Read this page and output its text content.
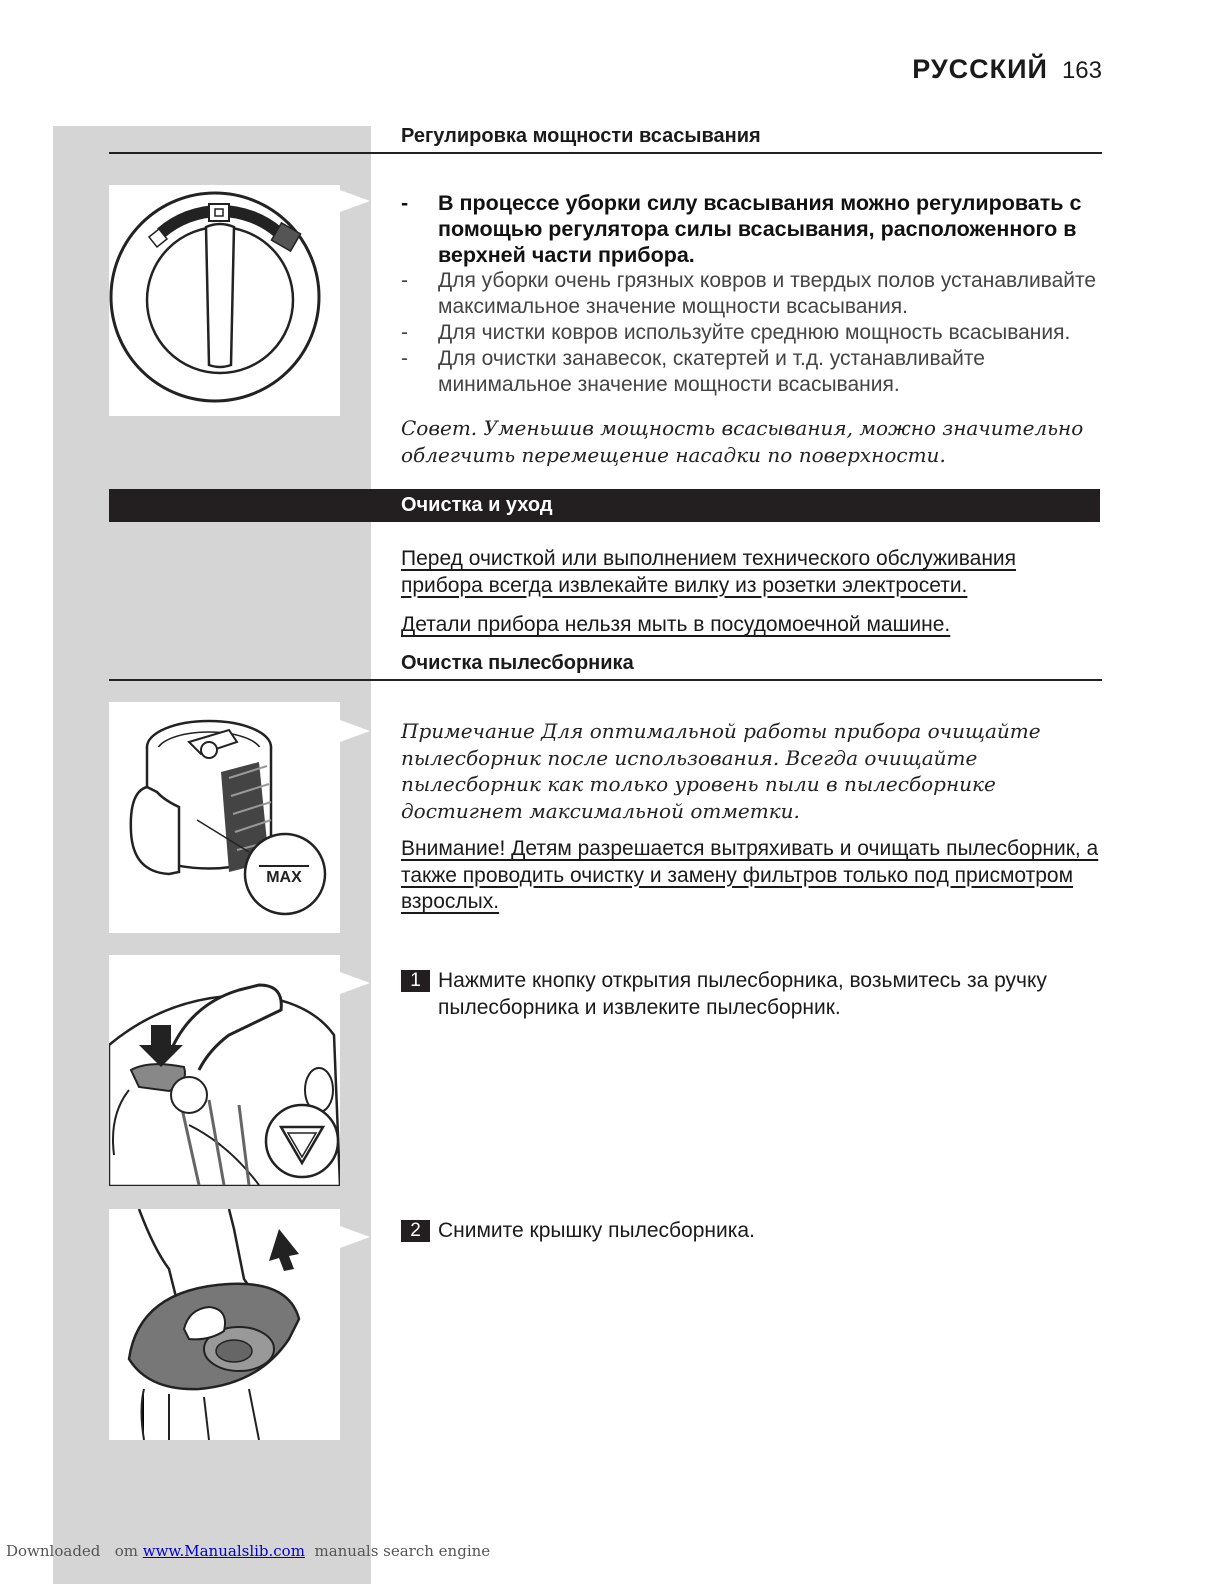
РУССКИЙ 163
Регулировка мощности всасывания
-	В процессе уборки силу всасывания можно регулировать с помощью регулятора силы всасывания, расположенного в верхней части прибора.
-	Для уборки очень грязных ковров и твердых полов устанавливайте максимальное значение мощности всасывания.
-	Для чистки ковров используйте среднюю мощность всасывания.
-	Для очистки занавесок, скатертей и т.д. устанавливайте минимальное значение мощности всасывания.
Совет. Уменьшив мощность всасывания, можно значительно облегчить перемещение насадки по поверхности.
Очистка и уход
Перед очисткой или выполнением технического обслуживания прибора всегда извлекайте вилку из розетки электросети.
Детали прибора нельзя мыть в посудомоечной машине.
Очистка пылесборника
MAX
Примечание Для оптимальной работы прибора очищайте пылесборник после использования. Всегда очищайте пылесборник как только уровень пыли в пылесборнике достигнет максимальной отметки.
Внимание! Детям разрешается вытряхивать и очищать пылесборник, а также проводить очистку и замену фильтров только под присмотром взрослых.
1 Нажмите кнопку открытия пылесборника, возьмитесь за ручку пылесборника и извлеките пылесборник.
2 Снимите крышку пылесборника.
Downloaded   om www.Manualslib.com  manuals search engine
